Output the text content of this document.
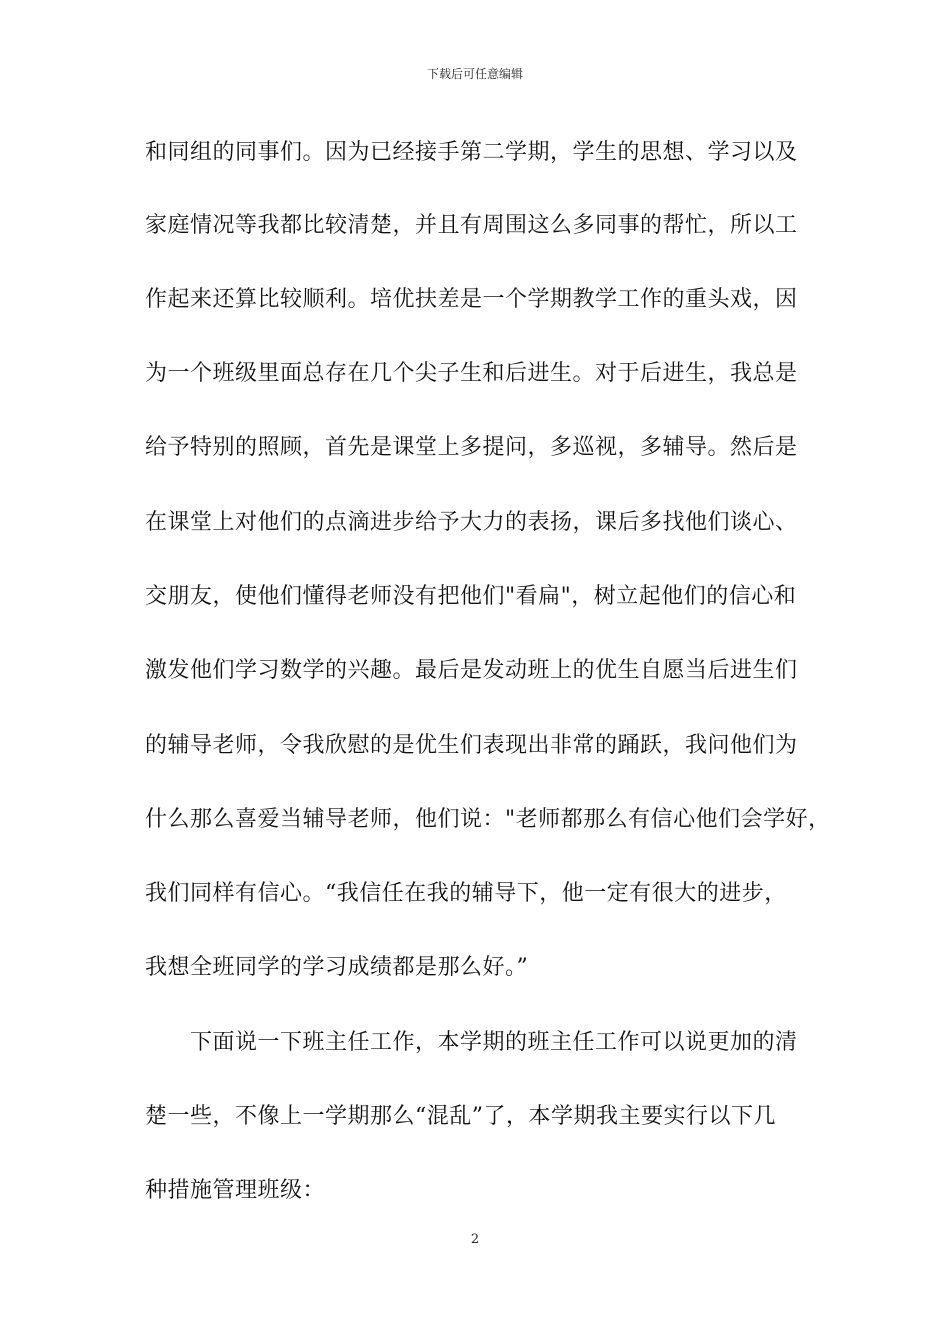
下载后可任意编辑
和同组的同事们。因为已经接手第二学期，学生的思想、学习以及
家庭情况等我都比较清楚，并且有周围这么多同事的帮忙，所以工
作起来还算比较顺利。培优扶差是一个学期教学工作的重头戏，因
为一个班级里面总存在几个尖子生和后进生。对于后进生，我总是
给予特别的照顾，首先是课堂上多提问，多巡视，多辅导。然后是
在课堂上对他们的点滴进步给予大力的表扬，课后多找他们谈心、
交朋友，使他们懂得老师没有把他们"看扁"，树立起他们的信心和
激发他们学习数学的兴趣。最后是发动班上的优生自愿当后进生们
的辅导老师，令我欣慰的是优生们表现出非常的踊跃，我问他们为
什么那么喜爱当辅导老师，他们说："老师都那么有信心他们会学好，
我们同样有信心。“我信任在我的辅导下，他一定有很大的进步，
我想全班同学的学习成绩都是那么好。”
下面说一下班主任工作，本学期的班主任工作可以说更加的清
楚一些，不像上一学期那么“混乱”了，本学期我主要实行以下几
种措施管理班级：
2
